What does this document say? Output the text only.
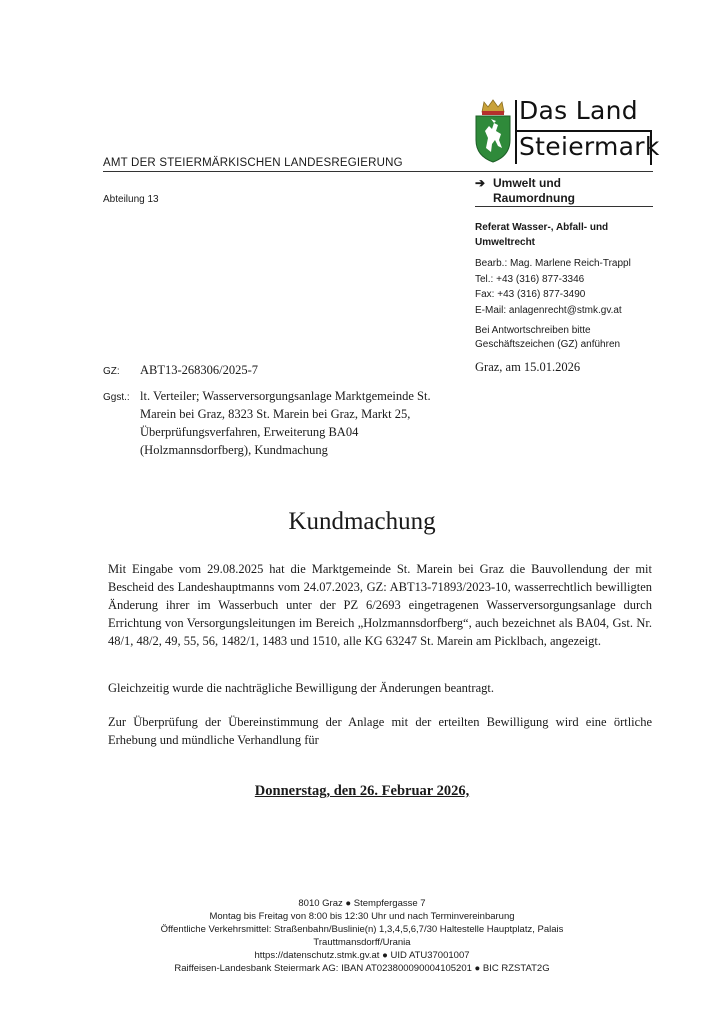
Das Land
Steiermark
AMT DER STEIERMÄRKISCHEN LANDESREGIERUNG
Abteilung 13
➔ Umwelt und
Raumordnung
Referat Wasser-, Abfall- und
Umweltrecht
Bearb.: Mag. Marlene Reich-Trappl
Tel.: +43 (316) 877-3346
Fax: +43 (316) 877-3490
E-Mail: anlagenrecht@stmk.gv.at
Bei Antwortschreiben bitte
Geschäftszeichen (GZ) anführen
Graz, am 15.01.2026
GZ: ABT13-268306/2025-7
Ggst.: lt. Verteiler; Wasserversorgungsanlage Marktgemeinde St. Marein bei Graz, 8323 St. Marein bei Graz, Markt 25, Überprüfungsverfahren, Erweiterung BA04 (Holzmannsdorfberg), Kundmachung
Kundmachung
Mit Eingabe vom 29.08.2025 hat die Marktgemeinde St. Marein bei Graz die Bauvollendung der mit Bescheid des Landeshauptmanns vom 24.07.2023, GZ: ABT13-71893/2023-10, wasserrechtlich bewilligten Änderung ihrer im Wasserbuch unter der PZ 6/2693 eingetragenen Wasserversorgungsanlage durch Errichtung von Versorgungsleitungen im Bereich „Holzmannsdorfberg“, auch bezeichnet als BA04, Gst. Nr. 48/1, 48/2, 49, 55, 56, 1482/1, 1483 und 1510, alle KG 63247 St. Marein am Picklbach, angezeigt.
Gleichzeitig wurde die nachträgliche Bewilligung der Änderungen beantragt.
Zur Überprüfung der Übereinstimmung der Anlage mit der erteilten Bewilligung wird eine örtliche Erhebung und mündliche Verhandlung für
Donnerstag, den 26. Februar 2026,
8010 Graz ● Stempfergasse 7
Montag bis Freitag von 8:00 bis 12:30 Uhr und nach Terminvereinbarung
Öffentliche Verkehrsmittel: Straßenbahn/Buslinie(n) 1,3,4,5,6,7/30 Haltestelle Hauptplatz, Palais
Trauttmansdorff/Urania
https://datenschutz.stmk.gv.at ● UID ATU37001007
Raiffeisen-Landesbank Steiermark AG: IBAN AT023800090004105201 ● BIC RZSTAT2G
